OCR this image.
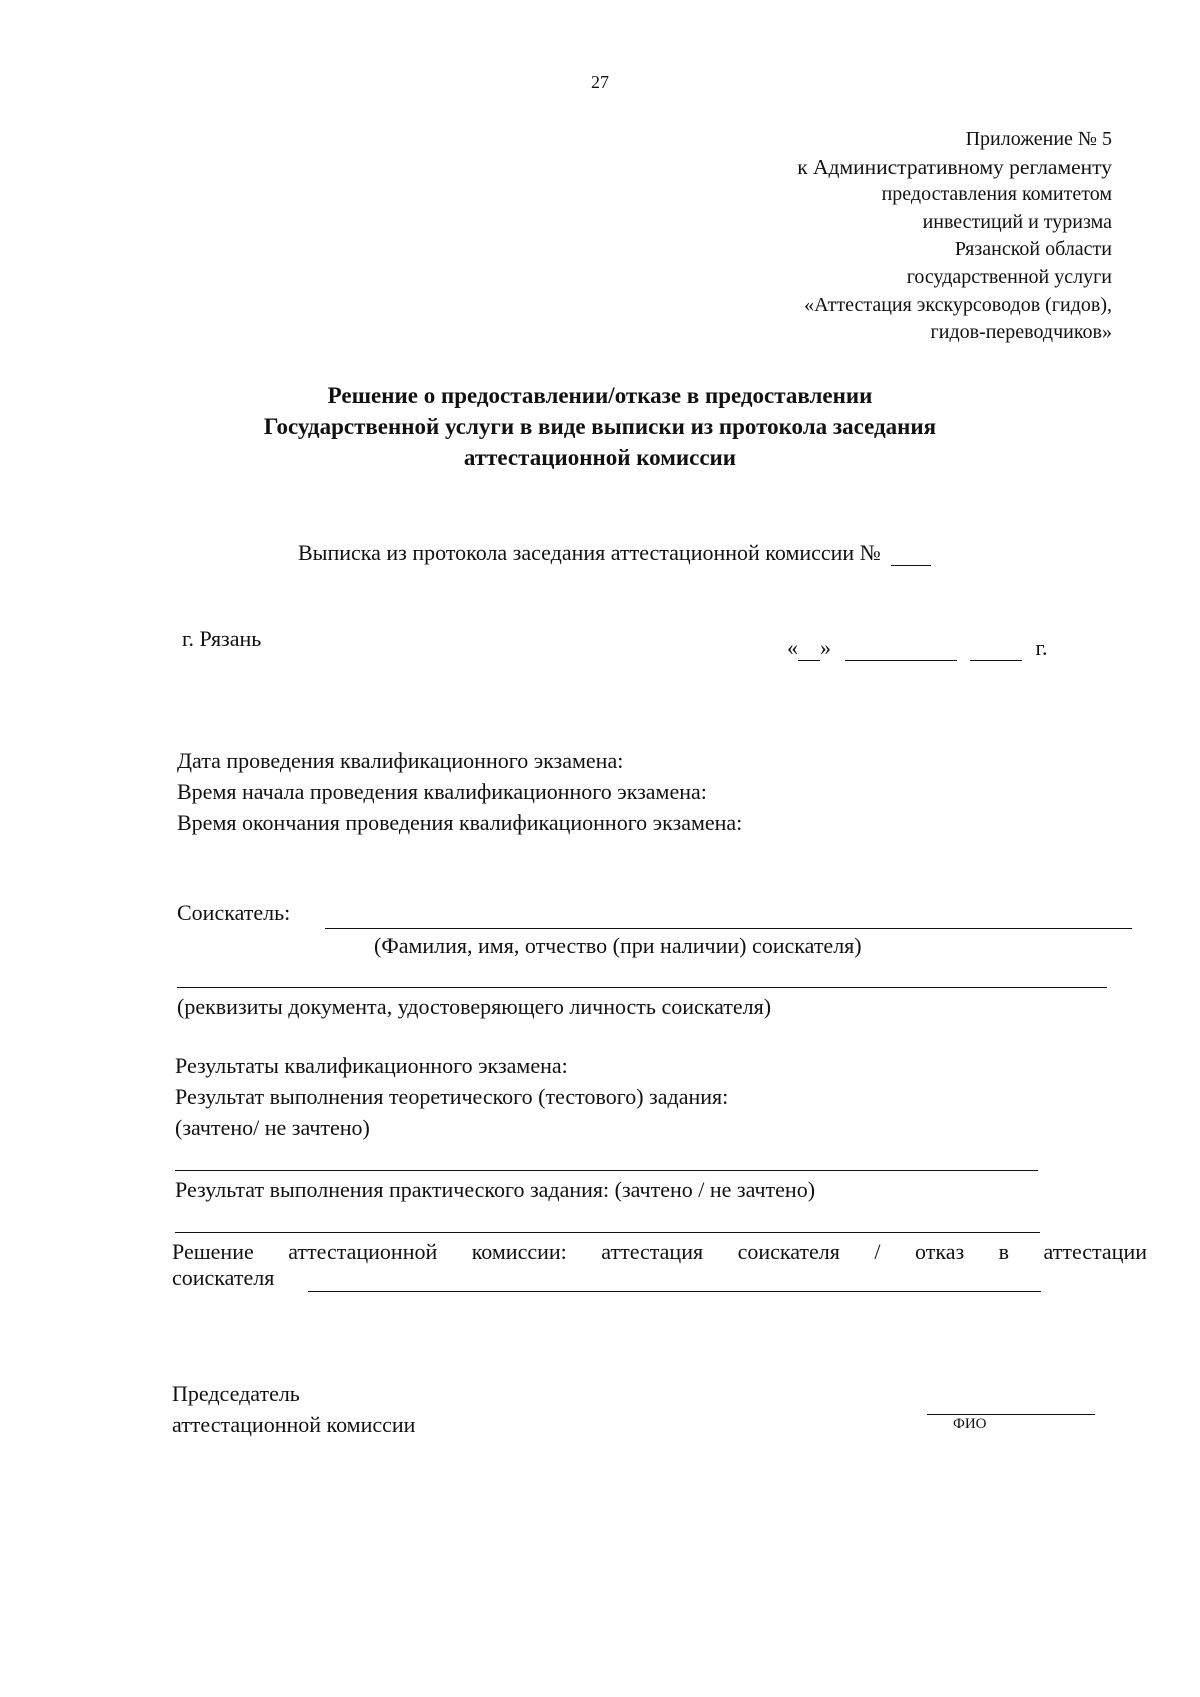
27
Приложение № 5
к Административному регламенту
предоставления комитетом
инвестиций и туризма
Рязанской области
государственной услуги
«Аттестация экскурсоводов (гидов),
гидов-переводчиков»
Решение о предоставлении/отказе в предоставлении
Государственной услуги в виде выписки из протокола заседания
аттестационной комиссии
Выписка из протокола заседания аттестационной комиссии №
г. Рязань	« »	г.
Дата проведения квалификационного экзамена:
Время начала проведения квалификационного экзамена:
Время окончания проведения квалификационного экзамена:
Соискатель:
(Фамилия, имя, отчество (при наличии) соискателя)
(реквизиты документа, удостоверяющего личность соискателя)
Результаты квалификационного экзамена:
Результат выполнения теоретического (тестового) задания:
(зачтено/ не зачтено)
Результат выполнения практического задания: (зачтено / не зачтено)
Решение аттестационной комиссии: аттестация соискателя / отказ в аттестации
соискателя
Председатель
аттестационной комиссии	ФИО
